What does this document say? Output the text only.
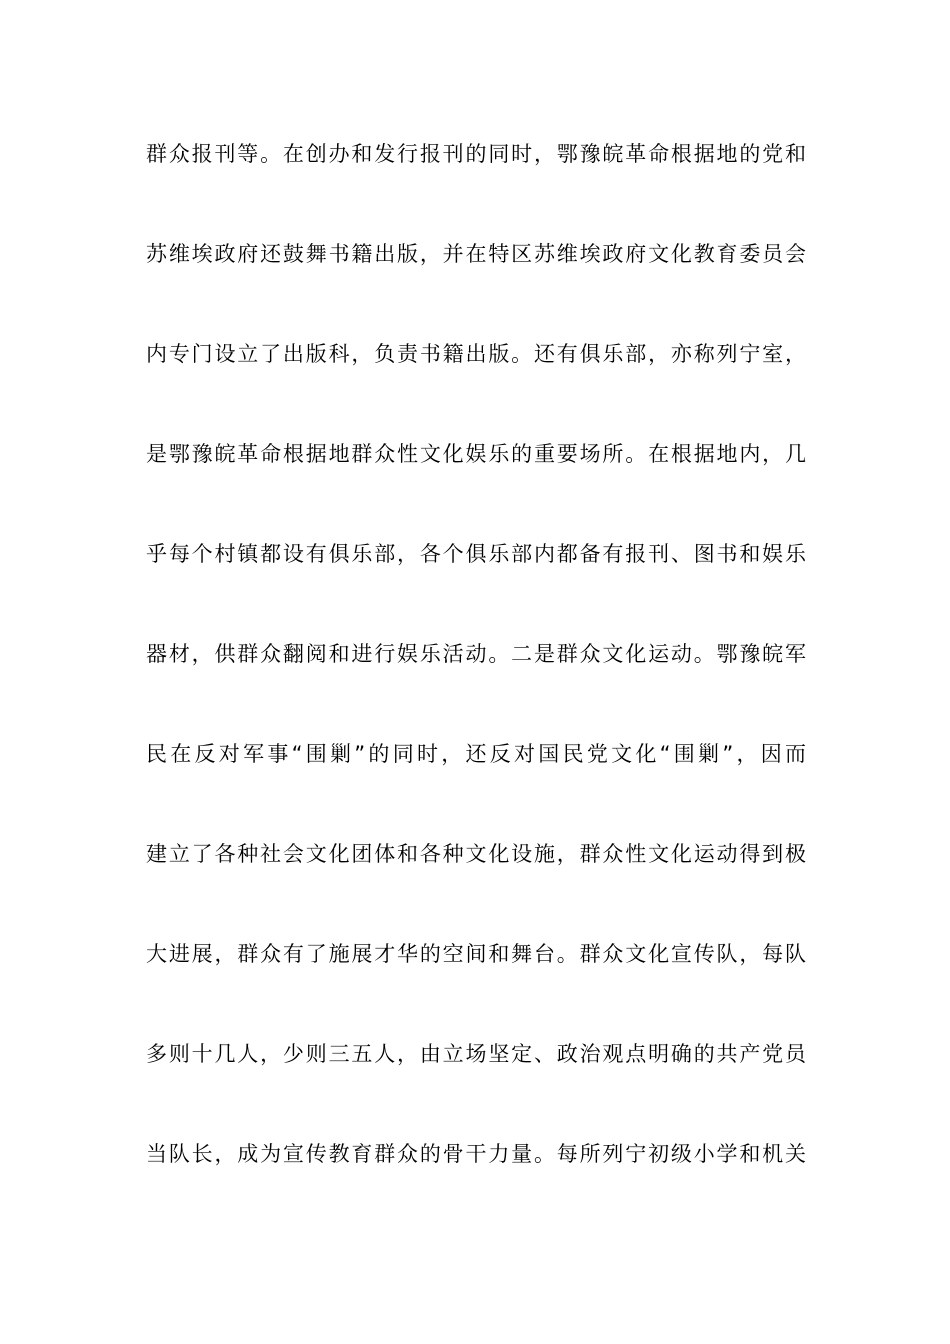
群众报刊等。在创办和发行报刊的同时，鄂豫皖革命根据地的党和
苏维埃政府还鼓舞书籍出版，并在特区苏维埃政府文化教育委员会
内专门设立了出版科，负责书籍出版。还有俱乐部，亦称列宁室，
是鄂豫皖革命根据地群众性文化娱乐的重要场所。在根据地内，几
乎每个村镇都设有俱乐部，各个俱乐部内都备有报刊、图书和娱乐
器材，供群众翻阅和进行娱乐活动。二是群众文化运动。鄂豫皖军
民在反对军事“围剿”的同时，还反对国民党文化“围剿”，因而
建立了各种社会文化团体和各种文化设施，群众性文化运动得到极
大进展，群众有了施展才华的空间和舞台。群众文化宣传队，每队
多则十几人，少则三五人，由立场坚定、政治观点明确的共产党员
当队长，成为宣传教育群众的骨干力量。每所列宁初级小学和机关
